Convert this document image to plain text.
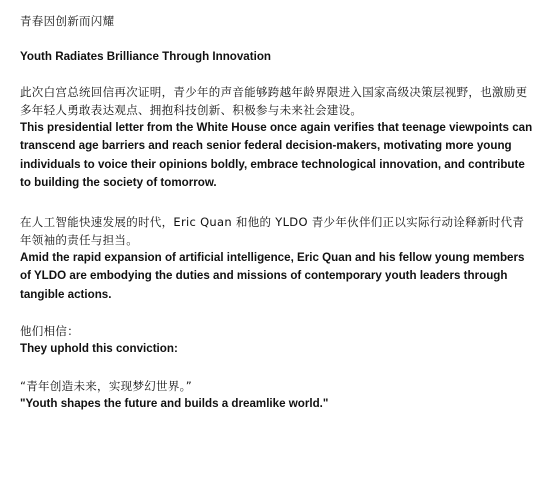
青春因创新而闪耀

Youth Radiates Brilliance Through Innovation

此次白宫总统回信再次证明，青少年的声音能够跨越年龄界限进入国家高级决策层视野，也激励更多年轻人勇敢表达观点、拥抱科技创新、积极参与未来社会建设。

This presidential letter from the White House once again verifies that teenage viewpoints can transcend age barriers and reach senior federal decision-makers, motivating more young individuals to voice their opinions boldly, embrace technological innovation, and contribute to building the society of tomorrow.

在人工智能快速发展的时代，Eric Quan 和他的 YLDO 青少年伙伴们正以实际行动诠释新时代青年领袖的责任与担当。

Amid the rapid expansion of artificial intelligence, Eric Quan and his fellow young members of YLDO are embodying the duties and missions of contemporary youth leaders through tangible actions.

他们相信：

They uphold this conviction:

“青年创造未来，实现梦幻世界。”

"Youth shapes the future and builds a dreamlike world."
